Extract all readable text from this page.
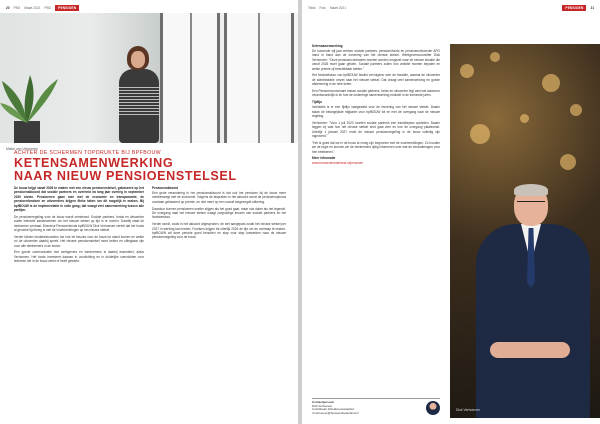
20 PBG Maart 2021 PBG	PENSIOEN
Mieke van Verkeeren
ACHTER DE SCHERMEN TOPDRUKTE BIJ BPFBOUW
KETENSAMENWERKING
NAAR NIEUW PENSIOENSTELSEL

De bouw krijgt vanaf 2026 te maken met een nieuw pensioenstelsel, gebaseerd op het pensioenakkoord dat sociale partners en overheid na lang jaar overleg in september 2020 sloten. Pensioenen gaan mee met de economie en transparantie; de pensioenfondsen en uitvoerders krijgen flinke taken om dit mogelijk te maken. Bij bpfBOUW is de implementatie in volle gang; dat vraagt veel samenwerking tussen alle partijen.

De pensioenregeling voor de bouw wordt vernieuwd. Sociale partners, fonds en uitvoerder zullen intensief samenwerken om het nieuwe stelsel op tijd in te voeren. Daarbij staat de deelnemer centraal. Directeur Pensioenfonds bpfBOUW Dick Verhoeven vertelt dat het fonds al geruime tijd bezig is met de voorbereidingen op het nieuwe stelsel.

Verder lichten fondsbestuurders toe hoe de keuzes voor de bouw tot stand komen en welke rol de uitvoerder daarbij speelt. Het nieuwe pensioenstelsel moet helder en uitlegbaar zijn voor alle deelnemers in de sector.

Een goede communicatie met werkgevers en werknemers is daarbij essentieel, aldus Verhoeven. Het fonds investeert daarom in voorlichting en in duidelijke overzichten voor iedereen die in de bouw werkt of heeft gewerkt.

Pensioenakkoord

Een grote verandering in het pensioenakkoord is dat ook het pensioen bij de bouw meer meebeweegt met de economie. Volgens de afspraken in het akkoord wordt de pensioenopbouw voortaan gebaseerd op premie, en niet meer op een vooraf toegezegde uitkering.

Daardoor kunnen pensioenen sneller stijgen als het goed gaat, maar ook dalen als het tegenzit. De overgang naar het nieuwe stelsel vraagt zorgvuldige keuzes van sociale partners en het fondsbestuur.

Verder wordt, zoals in het akkoord afgesproken, de wet aangepast zodat het nieuwe stelsel per 2027 in werking kan treden. Fondsen krijgen tot uiterlijk 2026 de tijd om de overstap te maken. bpfBOUW wil deze periode goed benutten en stap voor stap toewerken naar de nieuwe pensioenregeling voor de bouw.

Tekst Foto Maart 2021	PENSIOEN	21

Ketensamenwerking

De komende vijf jaar werken sociale partners, pensioenfonds en pensioenuitvoerder APG hand in hand aan de invoering van het nieuwe stelsel. Werkgeversvoorzitter Dick Verhoeven: "Onze pensioencontracten moeten worden omgezet naar de nieuwe situatie die vanaf 2026 moet gaan gelden. Sociale partners zullen hun ambitie moeten bepalen en welke premie zij beschikbaar stellen."

Het fondsbestuur van bpfBOUW beslist vervolgens over de transitie, waarna de uitvoerder de administratie omzet naar het nieuwe stelsel. Dat vraagt veel samenwerking en goede afstemming in de hele keten.

Een Pensioenconvenant tussen sociale partners, fonds en uitvoerder legt vast wie waarvoor verantwoordelijk is en hoe de onderlinge samenwerking eruitziet in de komende jaren.

Tijdlijn

Inmiddels is er een tijdlijn vastgesteld voor de invoering van het nieuwe stelsel. Daarin staan de belangrijkste mijlpalen voor bpfBOUW tot en met de overgang naar de nieuwe regeling.

Verhoeven: "Voor 1 juli 2023 moeten sociale partners een transitieplan opstellen. Daarin leggen zij vast hoe het nieuwe stelsel eruit gaat zien en hoe de overgang plaatsvindt. Uiterlijk 1 januari 2027 moet de nieuwe pensioenregeling in de bouw volledig zijn ingevoerd."

"Het is goed dat we in de bouw al vroeg zijn begonnen met de voorbereidingen. Zo houden we de regie en kunnen we de deelnemers tijdig informeren over wat de veranderingen voor hen betekenen."

Meer informatie

www.bouwendnederland.nl/pensioen

Contactpersoon
Dick Verhoeven
Coördinator Arbeidsvoorwaarden
d.verhoeven@bouwendnederland.nl
Dick Verhoeven
